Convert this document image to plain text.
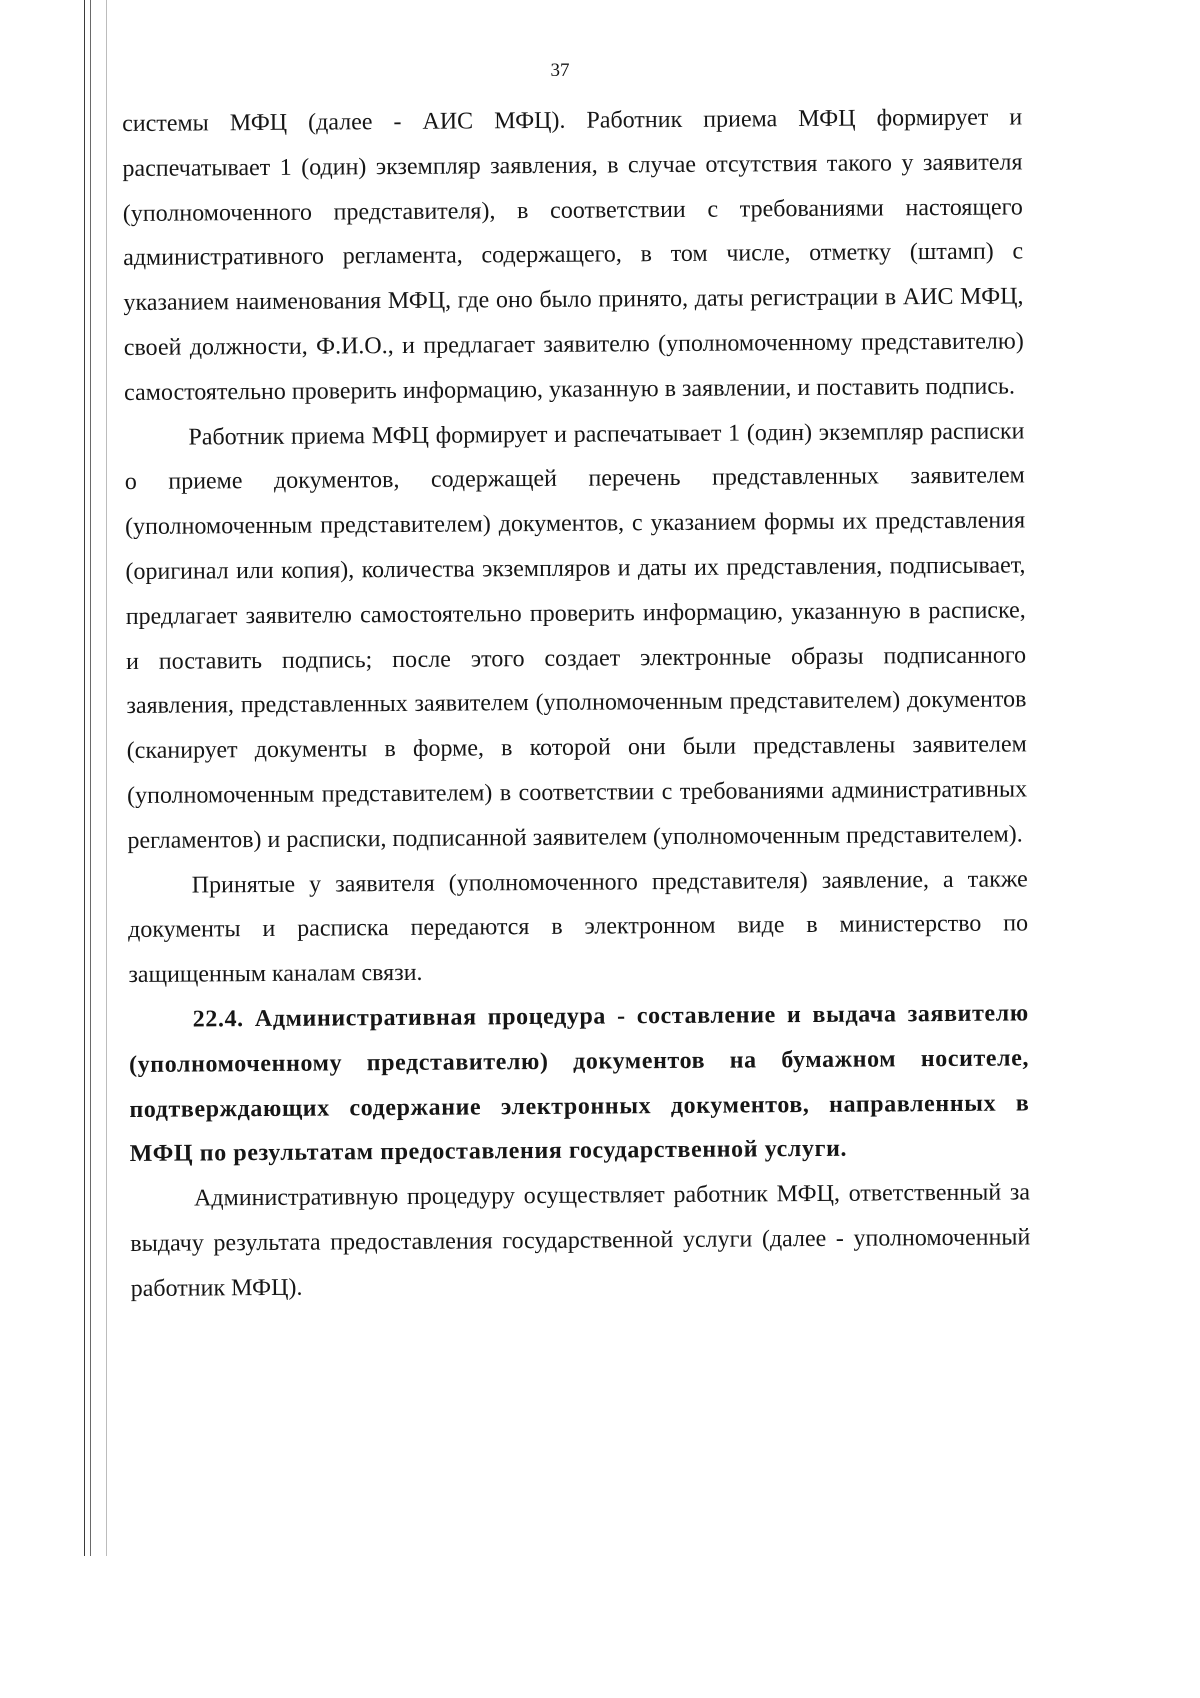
37

системы МФЦ (далее - АИС МФЦ). Работник приема МФЦ формирует и распечатывает 1 (один) экземпляр заявления, в случае отсутствия такого у заявителя (уполномоченного представителя), в соответствии с требованиями настоящего административного регламента, содержащего, в том числе, отметку (штамп) с указанием наименования МФЦ, где оно было принято, даты регистрации в АИС МФЦ, своей должности, Ф.И.О., и предлагает заявителю (уполномоченному представителю) самостоятельно проверить информацию, указанную в заявлении, и поставить подпись.

Работник приема МФЦ формирует и распечатывает 1 (один) экземпляр расписки о приеме документов, содержащей перечень представленных заявителем (уполномоченным представителем) документов, с указанием формы их представления (оригинал или копия), количества экземпляров и даты их представления, подписывает, предлагает заявителю самостоятельно проверить информацию, указанную в расписке, и поставить подпись; после этого создает электронные образы подписанного заявления, представленных заявителем (уполномоченным представителем) документов (сканирует документы в форме, в которой они были представлены заявителем (уполномоченным представителем) в соответствии с требованиями административных регламентов) и расписки, подписанной заявителем (уполномоченным представителем).

Принятые у заявителя (уполномоченного представителя) заявление, а также документы и расписка передаются в электронном виде в министерство по защищенным каналам связи.

22.4. Административная процедура - составление и выдача заявителю (уполномоченному представителю) документов на бумажном носителе, подтверждающих содержание электронных документов, направленных в МФЦ по результатам предоставления государственной услуги.

Административную процедуру осуществляет работник МФЦ, ответственный за выдачу результата предоставления государственной услуги (далее - уполномоченный работник МФЦ).
